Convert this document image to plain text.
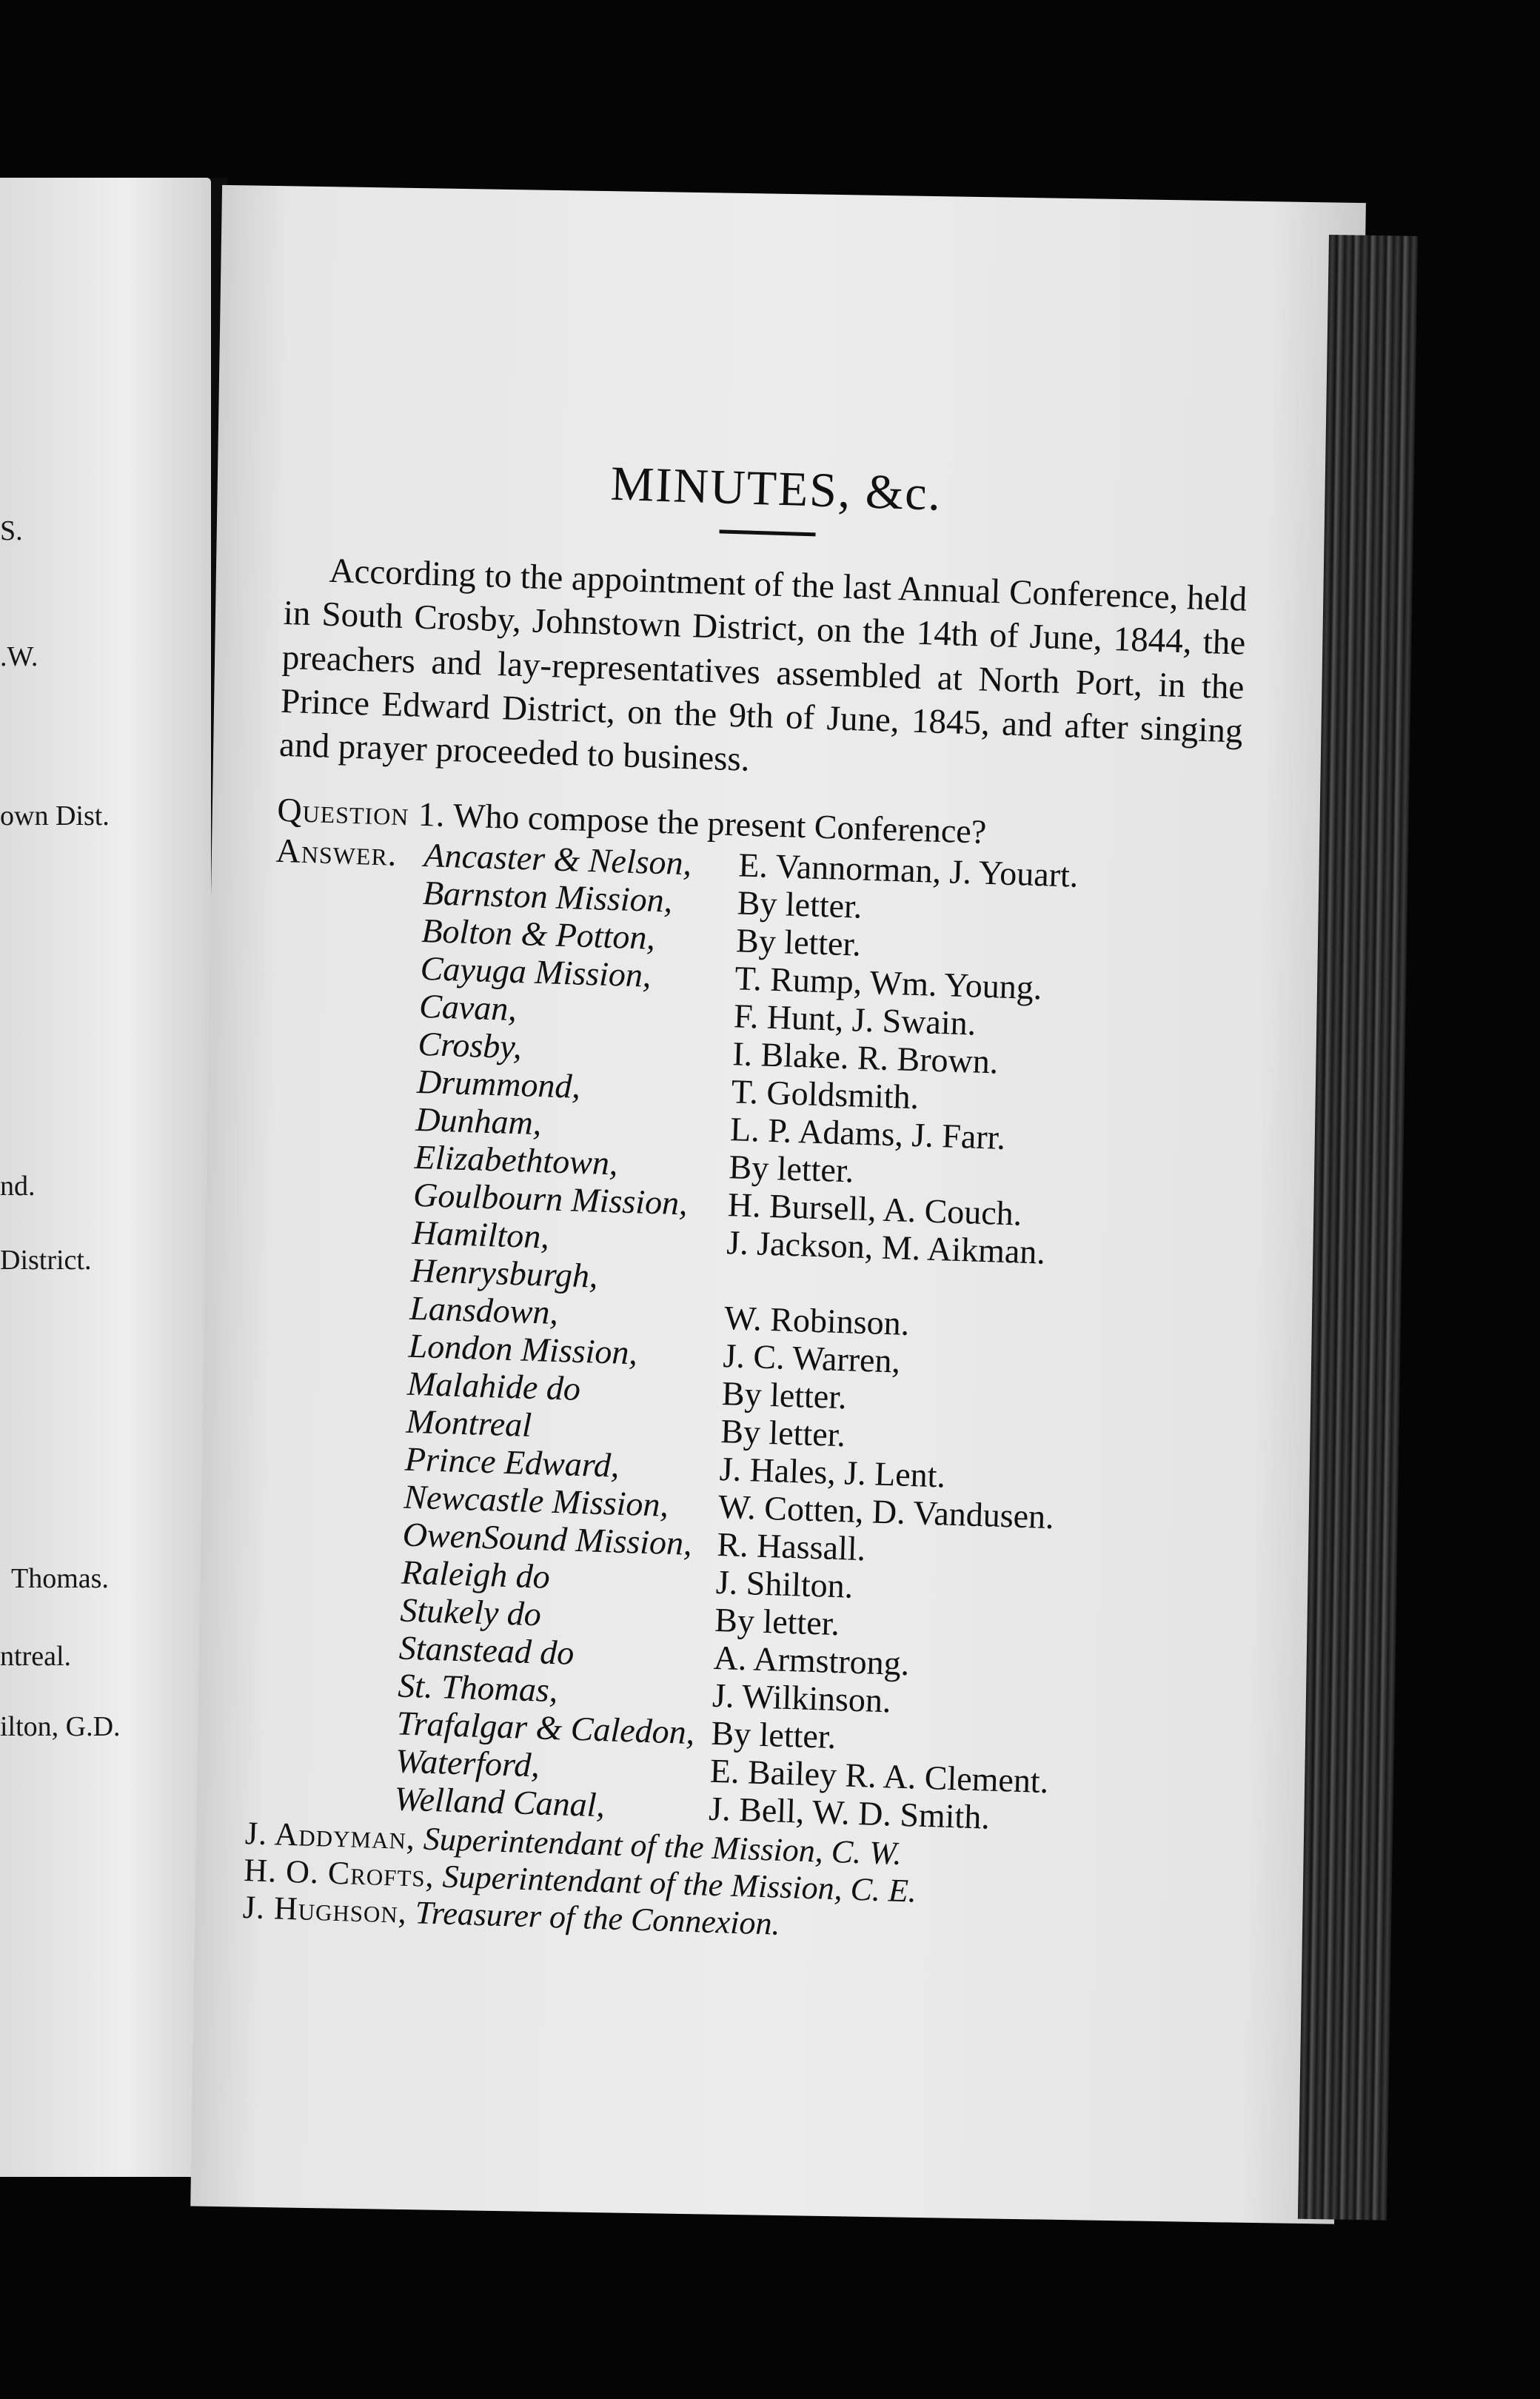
S.
.W.
own Dist.
nd.
District.
Thomas.
ntreal.
ilton, G.D.
MINUTES, &c.

According to the appointment of the last Annual Conference, held in South Crosby, Johnstown District, on the 14th of June, 1844, the preachers and lay-representatives assembled at North Port, in the Prince Edward District, on the 9th of June, 1845, and after singing and prayer proceeded to business.

Question 1. Who compose the present Conference?
Answer. Ancaster & Nelson,	E. Vannorman, J. Youart.
Barnston Mission,	By letter.
Bolton & Potton,	By letter.
Cayuga Mission,	T. Rump, Wm. Young.
Cavan,	F. Hunt, J. Swain.
Crosby,	I. Blake. R. Brown.
Drummond,	T. Goldsmith.
Dunham,	L. P. Adams, J. Farr.
Elizabethtown,	By letter.
Goulbourn Mission,	H. Bursell, A. Couch.
Hamilton,	J. Jackson, M. Aikman.
Henrysburgh,
Lansdown,	W. Robinson.
London Mission,	J. C. Warren,
Malahide do	By letter.
Montreal	By letter.
Prince Edward,	J. Hales, J. Lent.
Newcastle Mission,	W. Cotten, D. Vandusen.
OwenSound Mission, R. Hassall.
Raleigh do	J. Shilton.
Stukely do	By letter.
Stanstead do	A. Armstrong.
St. Thomas,	J. Wilkinson.
Trafalgar & Caledon, By letter.
Waterford,	E. Bailey R. A. Clement.
Welland Canal,	J. Bell, W. D. Smith.
J. Addyman, Superintendant of the Mission, C. W.
H. O. Crofts, Superintendant of the Mission, C. E.
J. Hughson, Treasurer of the Connexion.
